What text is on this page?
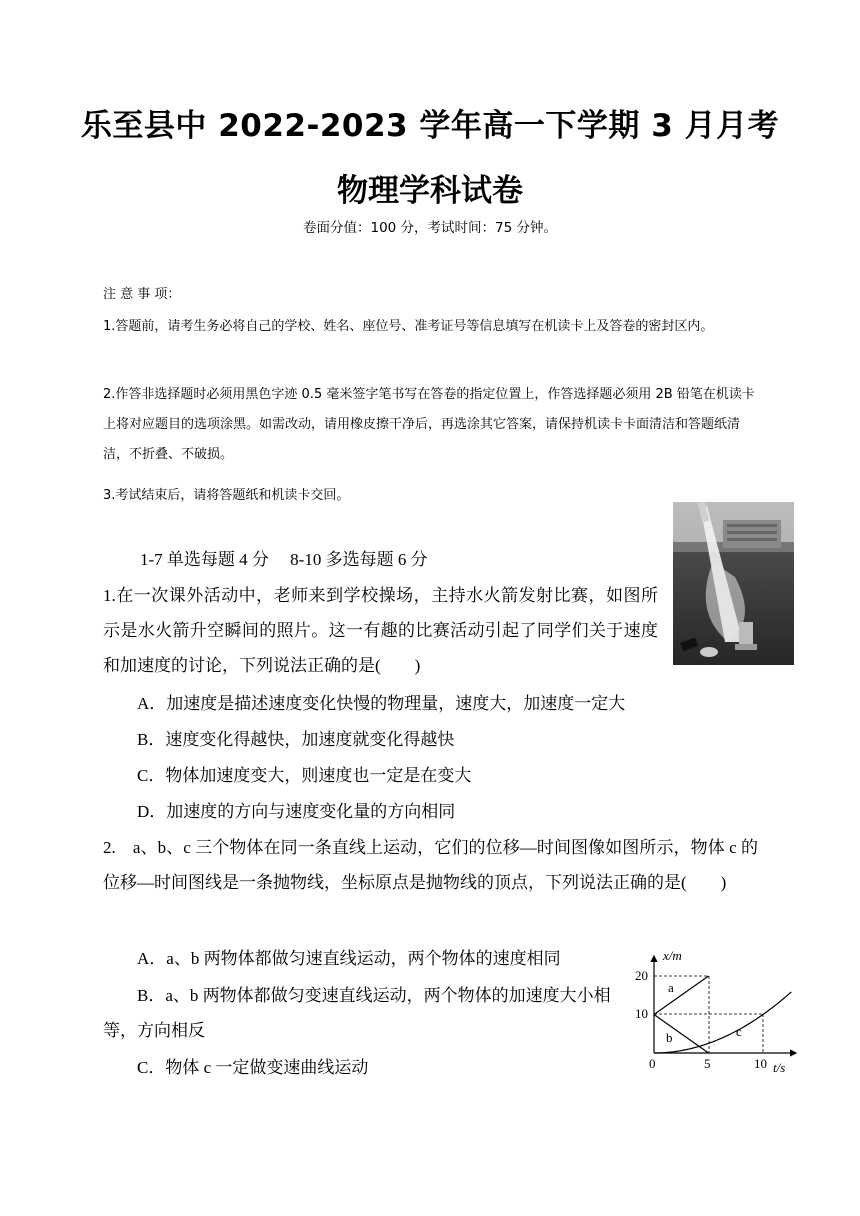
乐至县中 2022-2023 学年高一下学期 3 月月考
物理学科试卷
卷面分值：100 分，考试时间：75 分钟。
注 意 事 项：
1.答题前，请考生务必将自己的学校、姓名、座位号、准考证号等信息填写在机读卡上及答卷的密封区内。
2.作答非选择题时必须用黑色字迹 0.5 毫米签字笔书写在答卷的指定位置上，作答选择题必须用 2B 铅笔在机读卡上将对应题目的选项涂黑。如需改动，请用橡皮擦干净后，再选涂其它答案，请保持机读卡卡面清洁和答题纸清洁，不折叠、不破损。
3.考试结束后，请将答题纸和机读卡交回。
1-7 单选每题 4 分　 8-10 多选每题 6 分
1.在一次课外活动中，老师来到学校操场，主持水火箭发射比赛，如图所示是水火箭升空瞬间的照片。这一有趣的比赛活动引起了同学们关于速度和加速度的讨论，下列说法正确的是(　　)
A．加速度是描述速度变化快慢的物理量，速度大，加速度一定大
B．速度变化得越快，加速度就变化得越快
C．物体加速度变大，则速度也一定是在变大
D．加速度的方向与速度变化量的方向相同
2.　a、b、c 三个物体在同一条直线上运动，它们的位移—时间图像如图所示，物体 c 的位移—时间图线是一条抛物线，坐标原点是抛物线的顶点，下列说法正确的是(　　)
A．a、b 两物体都做匀速直线运动，两个物体的速度相同
B．a、b 两物体都做匀变速直线运动，两个物体的加速度大小相等，方向相反
C．物体 c 一定做变速曲线运动
x/m
t/s
0
10
20
5	10
a
b	c
